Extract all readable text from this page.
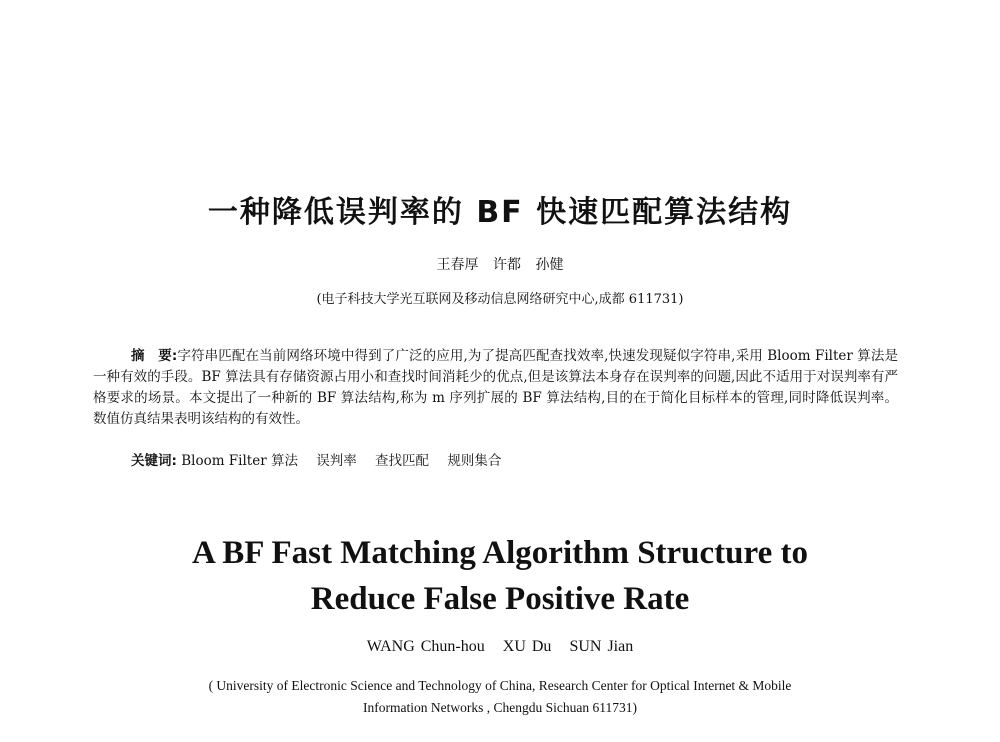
一种降低误判率的 BF 快速匹配算法结构
王春厚 许都 孙健
(电子科技大学光互联网及移动信息网络研究中心,成都 611731)

摘　要:字符串匹配在当前网络环境中得到了广泛的应用,为了提高匹配查找效率,快速发现疑似字符串,采用 Bloom Filter 算法是一种有效的手段。BF 算法具有存储资源占用小和查找时间消耗少的优点,但是该算法本身存在误判率的问题,因此不适用于对误判率有严格要求的场景。本文提出了一种新的 BF 算法结构,称为 m 序列扩展的 BF 算法结构,目的在于简化目标样本的管理,同时降低误判率。数值仿真结果表明该结构的有效性。

关键词: Bloom Filter 算法 误判率 查找匹配 规则集合
A BF Fast Matching Algorithm Structure to
Reduce False Positive Rate
WANG Chun-hou XU Du SUN Jian
( University of Electronic Science and Technology of China, Research Center for Optical Internet & Mobile
Information Networks , Chengdu Sichuan 611731)
